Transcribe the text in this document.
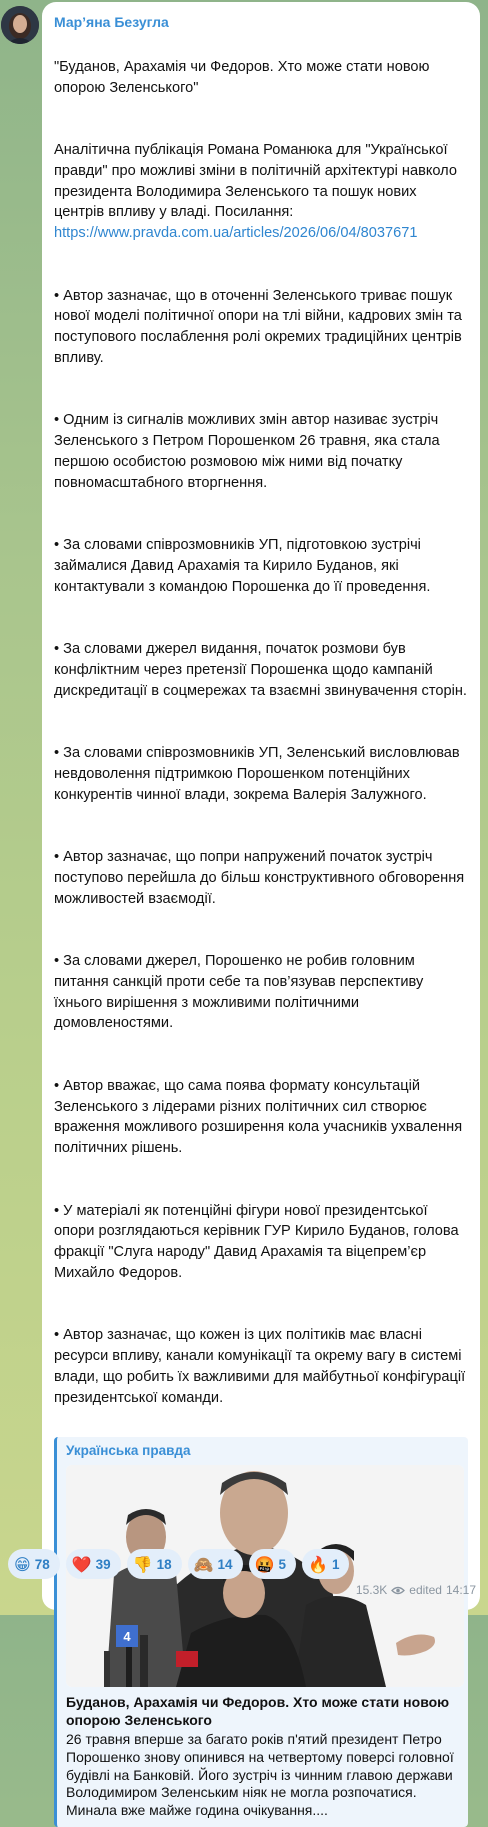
Мар’яна Безугла

"Буданов, Арахамія чи Федоров. Хто може стати новою опорою Зеленського"

Аналітична публікація Романа Романюка для "Української правди" про можливі зміни в політичній архітектурі навколо президента Володимира Зеленського та пошук нових центрів впливу у владі. Посилання:
https://www.pravda.com.ua/articles/2026/06/04/8037671

• Автор зазначає, що в оточенні Зеленського триває пошук нової моделі політичної опори на тлі війни, кадрових змін та поступового послаблення ролі окремих традиційних центрів впливу.

• Одним із сигналів можливих змін автор називає зустріч Зеленського з Петром Порошенком 26 травня, яка стала першою особистою розмовою між ними від початку повномасштабного вторгнення.

• За словами співрозмовників УП, підготовкою зустрічі займалися Давид Арахамія та Кирило Буданов, які контактували з командою Порошенка до її проведення.

• За словами джерел видання, початок розмови був конфліктним через претензії Порошенка щодо кампаній дискредитації в соцмережах та взаємні звинувачення сторін.

• За словами співрозмовників УП, Зеленський висловлював невдоволення підтримкою Порошенком потенційних конкурентів чинної влади, зокрема Валерія Залужного.

• Автор зазначає, що попри напружений початок зустріч поступово перейшла до більш конструктивного обговорення можливостей взаємодії.

• За словами джерел, Порошенко не робив головним питання санкцій проти себе та пов’язував перспективу їхнього вирішення з можливими політичними домовленостями.

• Автор вважає, що сама поява формату консультацій Зеленського з лідерами різних політичних сил створює враження можливого розширення кола учасників ухвалення політичних рішень.

• У матеріалі як потенційні фігури нової президентської опори розглядаються керівник ГУР Кирило Буданов, голова фракції "Слуга народу" Давид Арахамія та віцепрем’єр Михайло Федоров.

• Автор зазначає, що кожен із цих політиків має власні ресурси впливу, канали комунікації та окрему вагу в системі влади, що робить їх важливими для майбутньої конфігурації президентської команди.

Українська правда
4
Буданов, Арахамія чи Федоров. Хто може стати новою опорою Зеленського
26 травня вперше за багато років п'ятий президент Петро Порошенко знову опинився на четвертому поверсі головної будівлі на Банковій. Його зустріч із чинним главою держави Володимиром Зеленським ніяк не могла розпочатися. Минала вже майже година очікування....
😁 78 ❤️ 39 👎 18 🙈 14 🤬 5 🔥 1
15.3K edited 14:17
